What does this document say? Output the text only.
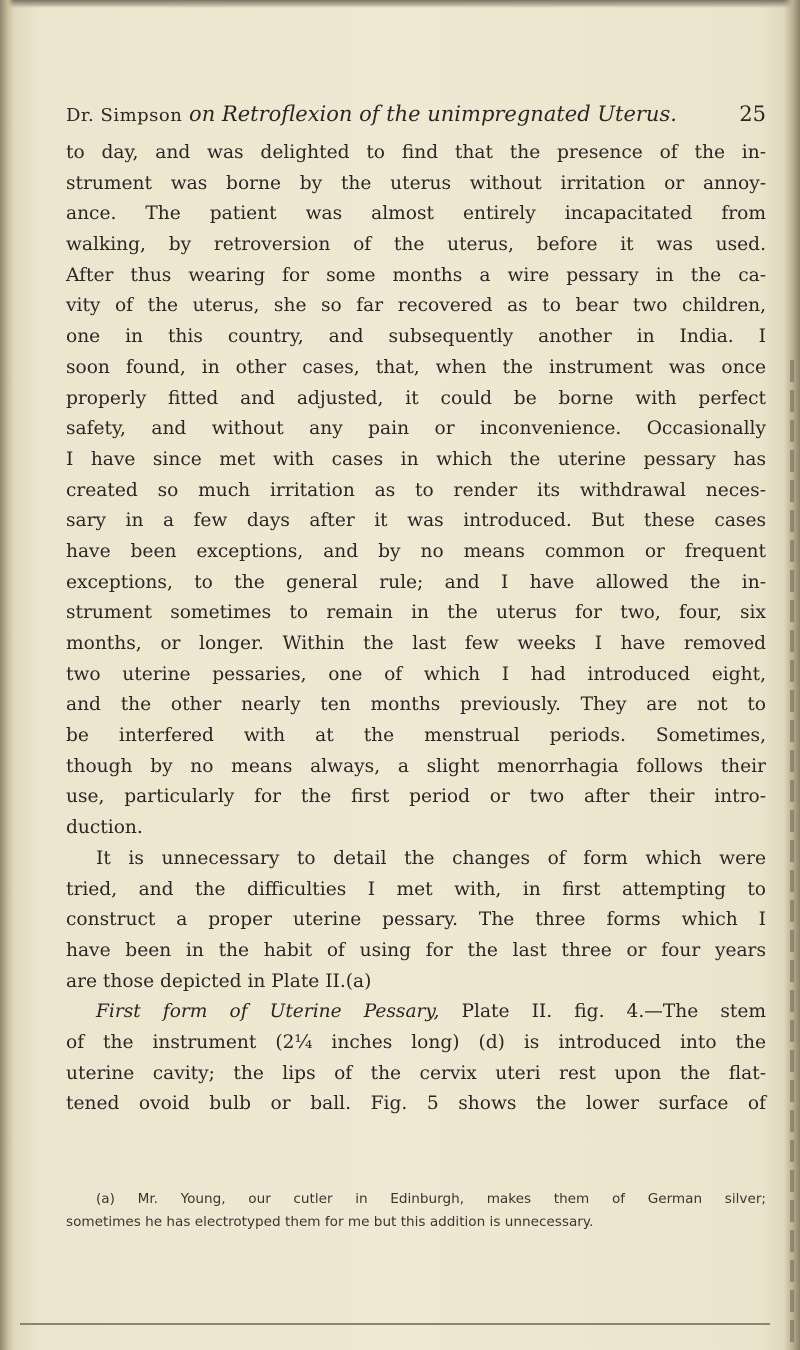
Dr. Simpson on Retroflexion of the unimpregnated Uterus.	25
to day, and was delighted to find that the presence of the in-
strument was borne by the uterus without irritation or annoy-
ance. The patient was almost entirely incapacitated from
walking, by retroversion of the uterus, before it was used.
After thus wearing for some months a wire pessary in the ca-
vity of the uterus, she so far recovered as to bear two children,
one in this country, and subsequently another in India. I
soon found, in other cases, that, when the instrument was once
properly fitted and adjusted, it could be borne with perfect
safety, and without any pain or inconvenience. Occasionally
I have since met with cases in which the uterine pessary has
created so much irritation as to render its withdrawal neces-
sary in a few days after it was introduced. But these cases
have been exceptions, and by no means common or frequent
exceptions, to the general rule; and I have allowed the in-
strument sometimes to remain in the uterus for two, four, six
months, or longer. Within the last few weeks I have removed
two uterine pessaries, one of which I had introduced eight,
and the other nearly ten months previously. They are not to
be interfered with at the menstrual periods. Sometimes,
though by no means always, a slight menorrhagia follows their
use, particularly for the first period or two after their intro-
duction.
It is unnecessary to detail the changes of form which were
tried, and the difficulties I met with, in first attempting to
construct a proper uterine pessary. The three forms which I
have been in the habit of using for the last three or four years
are those depicted in Plate II.(a)
First form of Uterine Pessary, Plate II. fig. 4.—The stem
of the instrument (2¼ inches long) (d) is introduced into the
uterine cavity; the lips of the cervix uteri rest upon the flat-
tened ovoid bulb or ball. Fig. 5 shows the lower surface of
(a) Mr. Young, our cutler in Edinburgh, makes them of German silver;
sometimes he has electrotyped them for me but this addition is unnecessary.
